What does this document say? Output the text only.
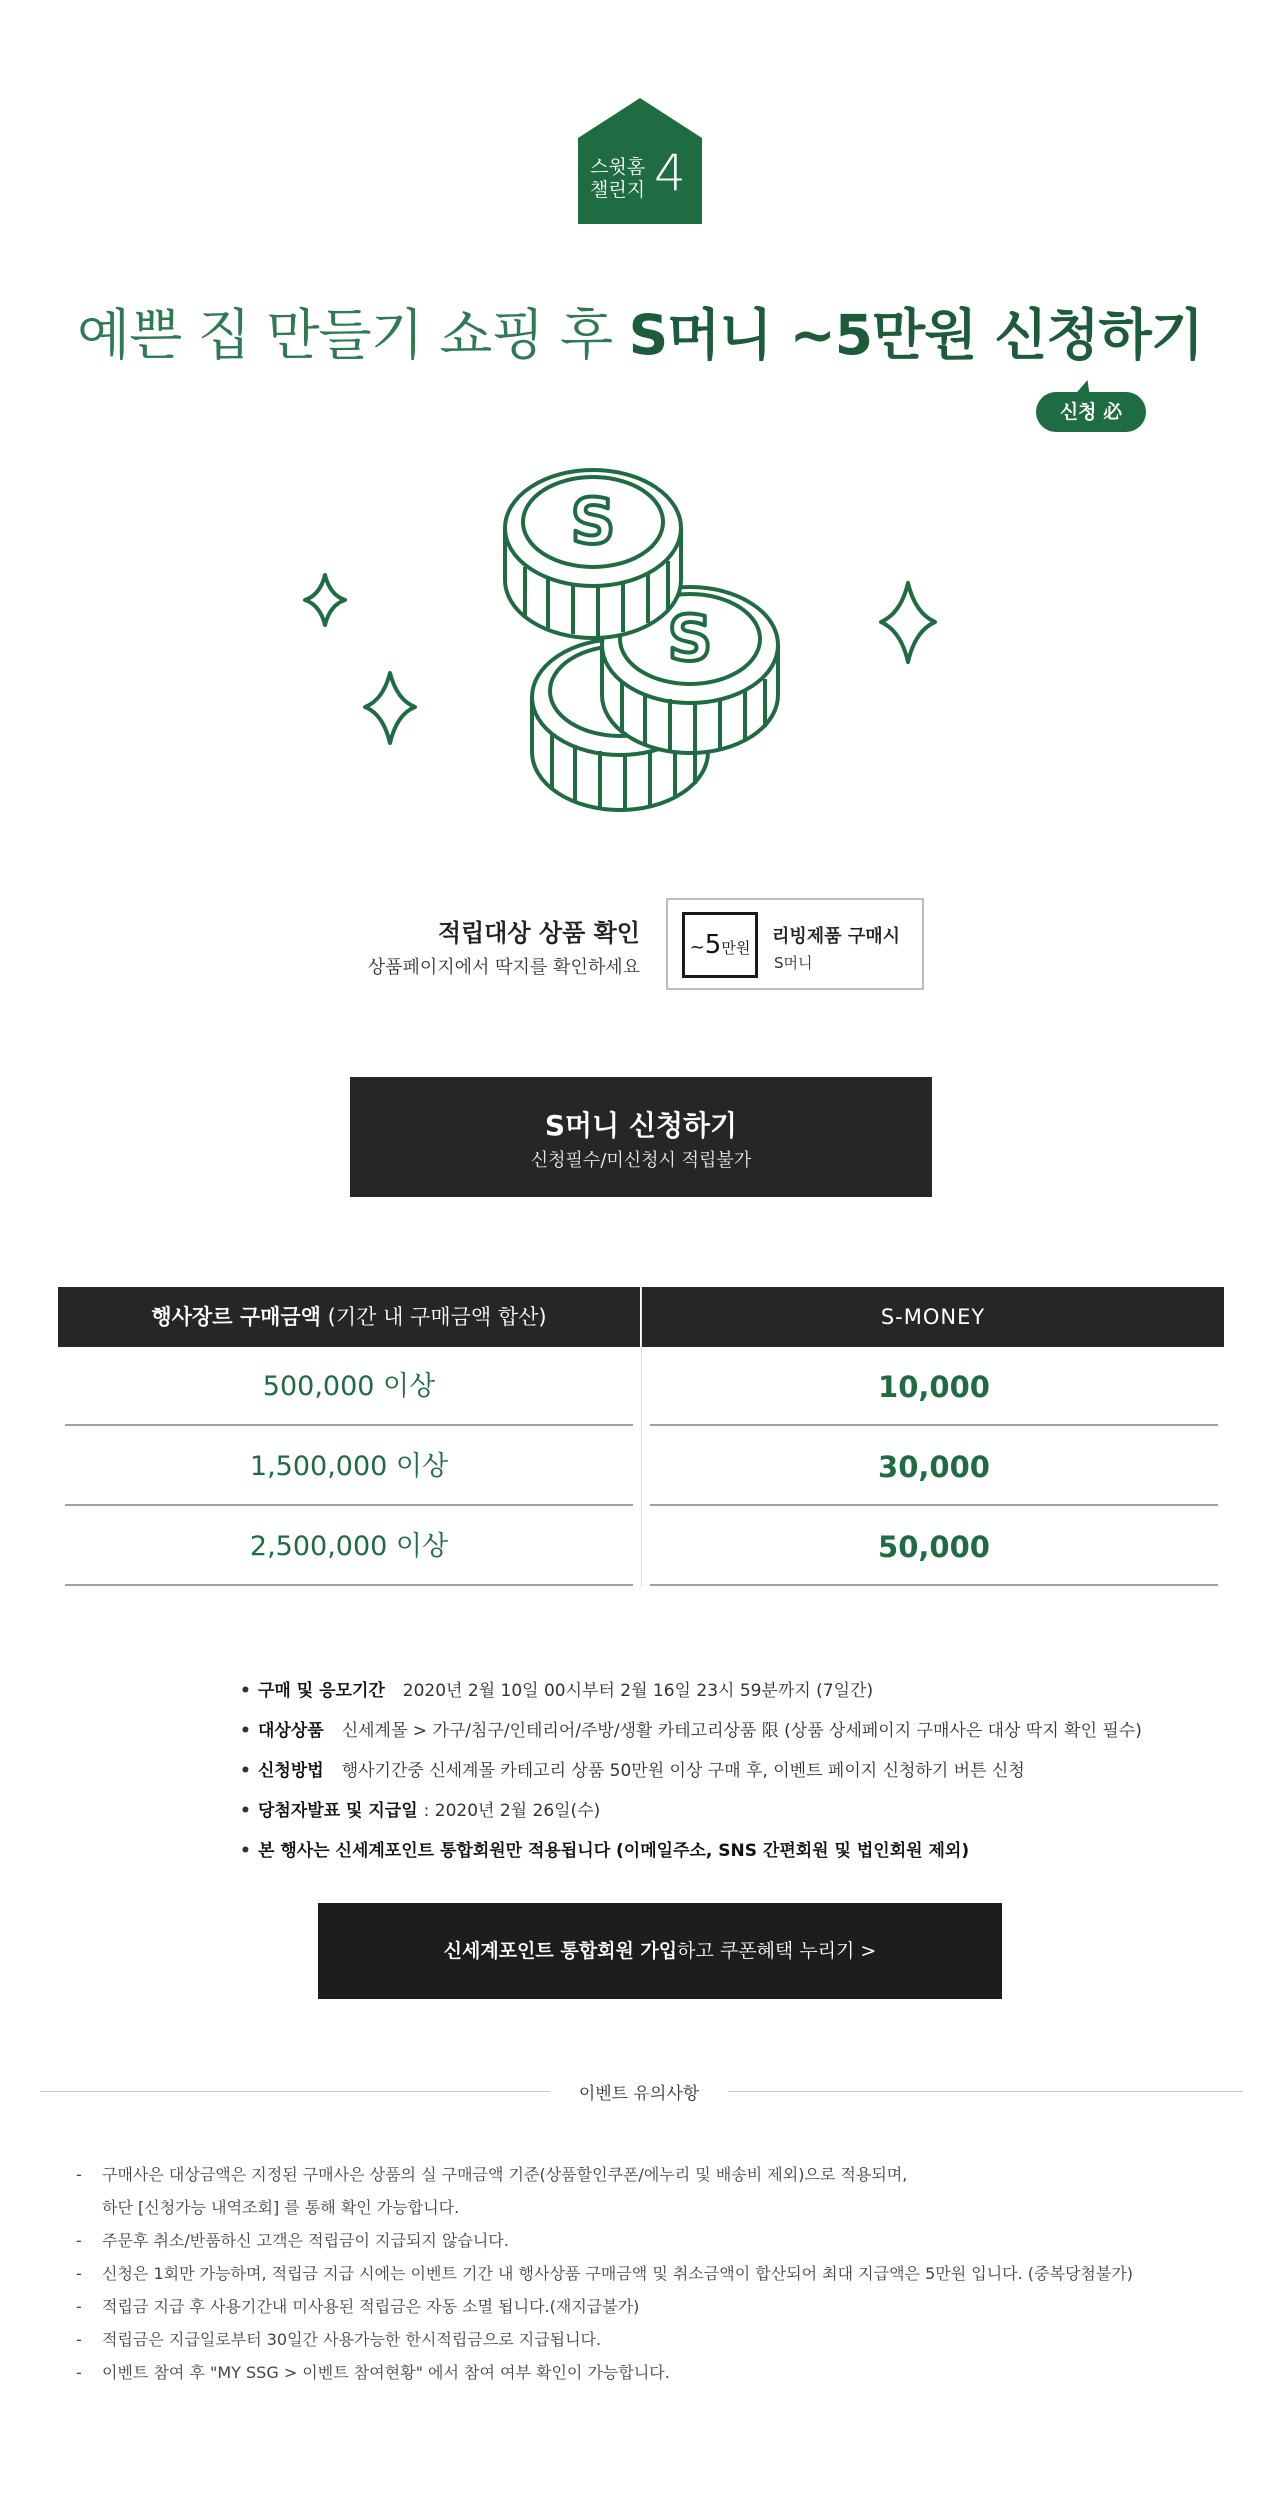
스윗홈
챌린지 4
예쁜 집 만들기 쇼핑 후 S머니 ~5만원 신청하기
신청 必
S
S
적립대상 상품 확인
상품페이지에서 딱지를 확인하세요
~5만원
리빙제품 구매시
S머니
S머니 신청하기
신청필수/미신청시 적립불가
행사장르 구매금액 (기간 내 구매금액 합산)	S-MONEY
500,000 이상	10,000
1,500,000 이상	30,000
2,500,000 이상	50,000
• 구매 및 응모기간 2020년 2월 10일 00시부터 2월 16일 23시 59분까지 (7일간)
• 대상상품 신세계몰 > 가구/침구/인테리어/주방/생활 카테고리상품 限 (상품 상세페이지 구매사은 대상 딱지 확인 필수)
• 신청방법 행사기간중 신세계몰 카테고리 상품 50만원 이상 구매 후, 이벤트 페이지 신청하기 버튼 신청
• 당첨자발표 및 지급일 : 2020년 2월 26일(수)
• 본 행사는 신세계포인트 통합회원만 적용됩니다 (이메일주소, SNS 간편회원 및 법인회원 제외)
신세계포인트 통합회원 가입하고 쿠폰혜택 누리기 >
이벤트 유의사항
- 구매사은 대상금액은 지정된 구매사은 상품의 실 구매금액 기준(상품할인쿠폰/에누리 및 배송비 제외)으로 적용되며,
하단 [신청가능 내역조회] 를 통해 확인 가능합니다.
- 주문후 취소/반품하신 고객은 적립금이 지급되지 않습니다.
- 신청은 1회만 가능하며, 적립금 지급 시에는 이벤트 기간 내 행사상품 구매금액 및 취소금액이 합산되어 최대 지급액은 5만원 입니다. (중복당첨불가)
- 적립금 지급 후 사용기간내 미사용된 적립금은 자동 소멸 됩니다.(재지급불가)
- 적립금은 지급일로부터 30일간 사용가능한 한시적립금으로 지급됩니다.
- 이벤트 참여 후 "MY SSG > 이벤트 참여현황" 에서 참여 여부 확인이 가능합니다.
